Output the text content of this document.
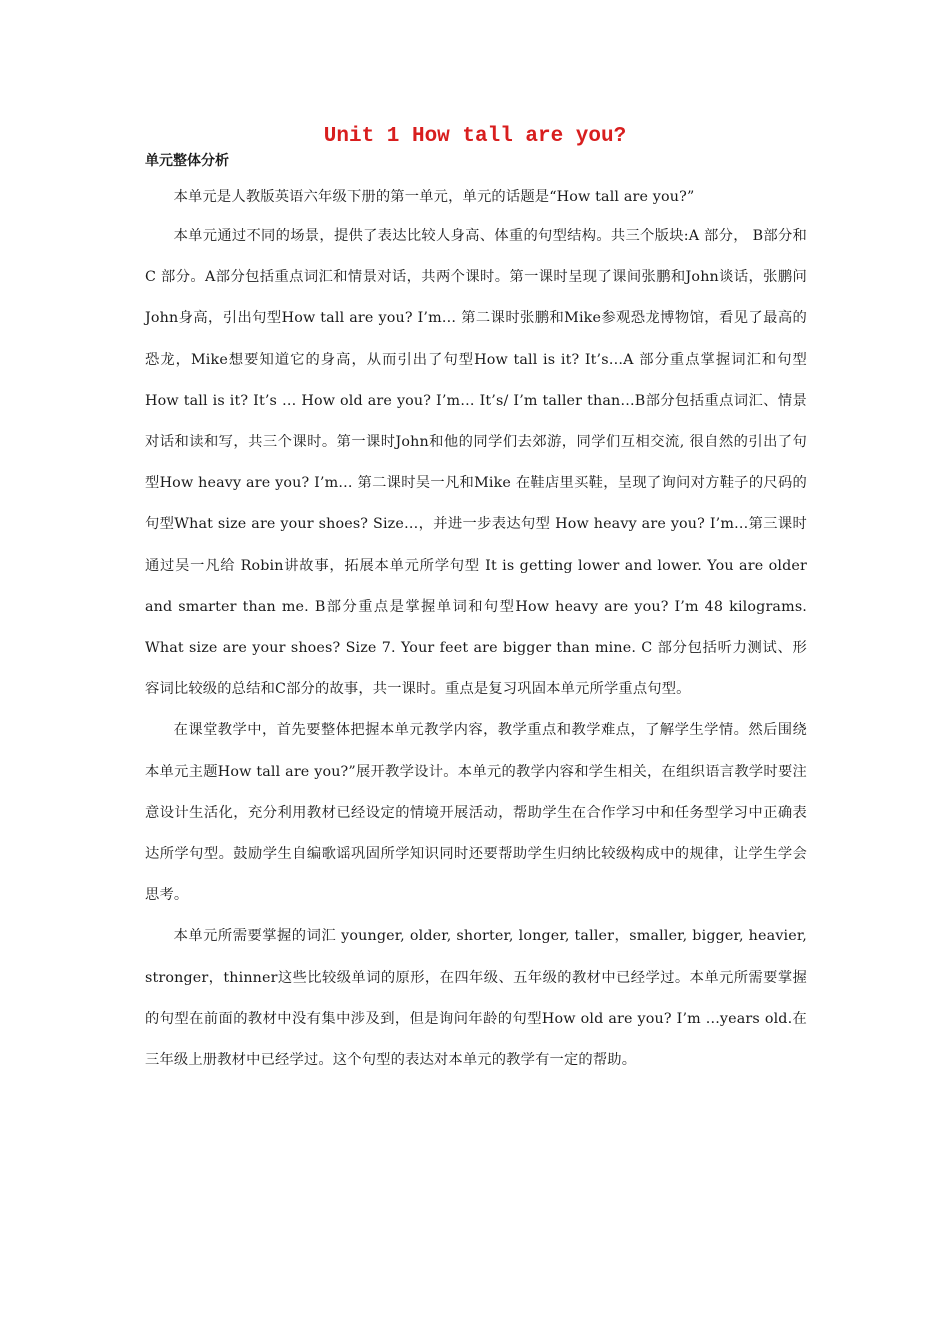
Unit 1 How tall are you?
单元整体分析

本单元是人教版英语六年级下册的第一单元，单元的话题是“How tall are you?”

本单元通过不同的场景，提供了表达比较人身高、体重的句型结构。共三个版块:A 部分， B部分和C 部分。A部分包括重点词汇和情景对话，共两个课时。第一课时呈现了课间张鹏和John谈话，张鹏问John身高，引出句型How tall are you? I’m… 第二课时张鹏和Mike参观恐龙博物馆，看见了最高的恐龙，Mike想要知道它的身高，从而引出了句型How tall is it? It’s…A 部分重点掌握词汇和句型How tall is it? It’s … How old are you? I’m… It’s/ I’m taller than…B部分包括重点词汇、情景对话和读和写，共三个课时。第一课时John和他的同学们去郊游，同学们互相交流, 很自然的引出了句型How heavy are you? I’m… 第二课时吴一凡和Mike 在鞋店里买鞋，呈现了询问对方鞋子的尺码的句型What size are your shoes? Size…，并进一步表达句型 How heavy are you? I’m…第三课时通过吴一凡给 Robin讲故事，拓展本单元所学句型 It is getting lower and lower. You are older and smarter than me. B部分重点是掌握单词和句型How heavy are you? I’m 48 kilograms. What size are your shoes? Size 7. Your feet are bigger than mine. C 部分包括听力测试、形容词比较级的总结和C部分的故事，共一课时。重点是复习巩固本单元所学重点句型。

在课堂教学中，首先要整体把握本单元教学内容，教学重点和教学难点，了解学生学情。然后围绕本单元主题How tall are you?”展开教学设计。本单元的教学内容和学生相关，在组织语言教学时要注意设计生活化，充分利用教材已经设定的情境开展活动，帮助学生在合作学习中和任务型学习中正确表达所学句型。鼓励学生自编歌谣巩固所学知识同时还要帮助学生归纳比较级构成中的规律，让学生学会思考。

本单元所需要掌握的词汇 younger, older, shorter, longer, taller，smaller, bigger, heavier, stronger，thinner这些比较级单词的原形，在四年级、五年级的教材中已经学过。本单元所需要掌握的句型在前面的教材中没有集中涉及到，但是询问年龄的句型How old are you? I’m ...years old.在三年级上册教材中已经学过。这个句型的表达对本单元的教学有一定的帮助。
